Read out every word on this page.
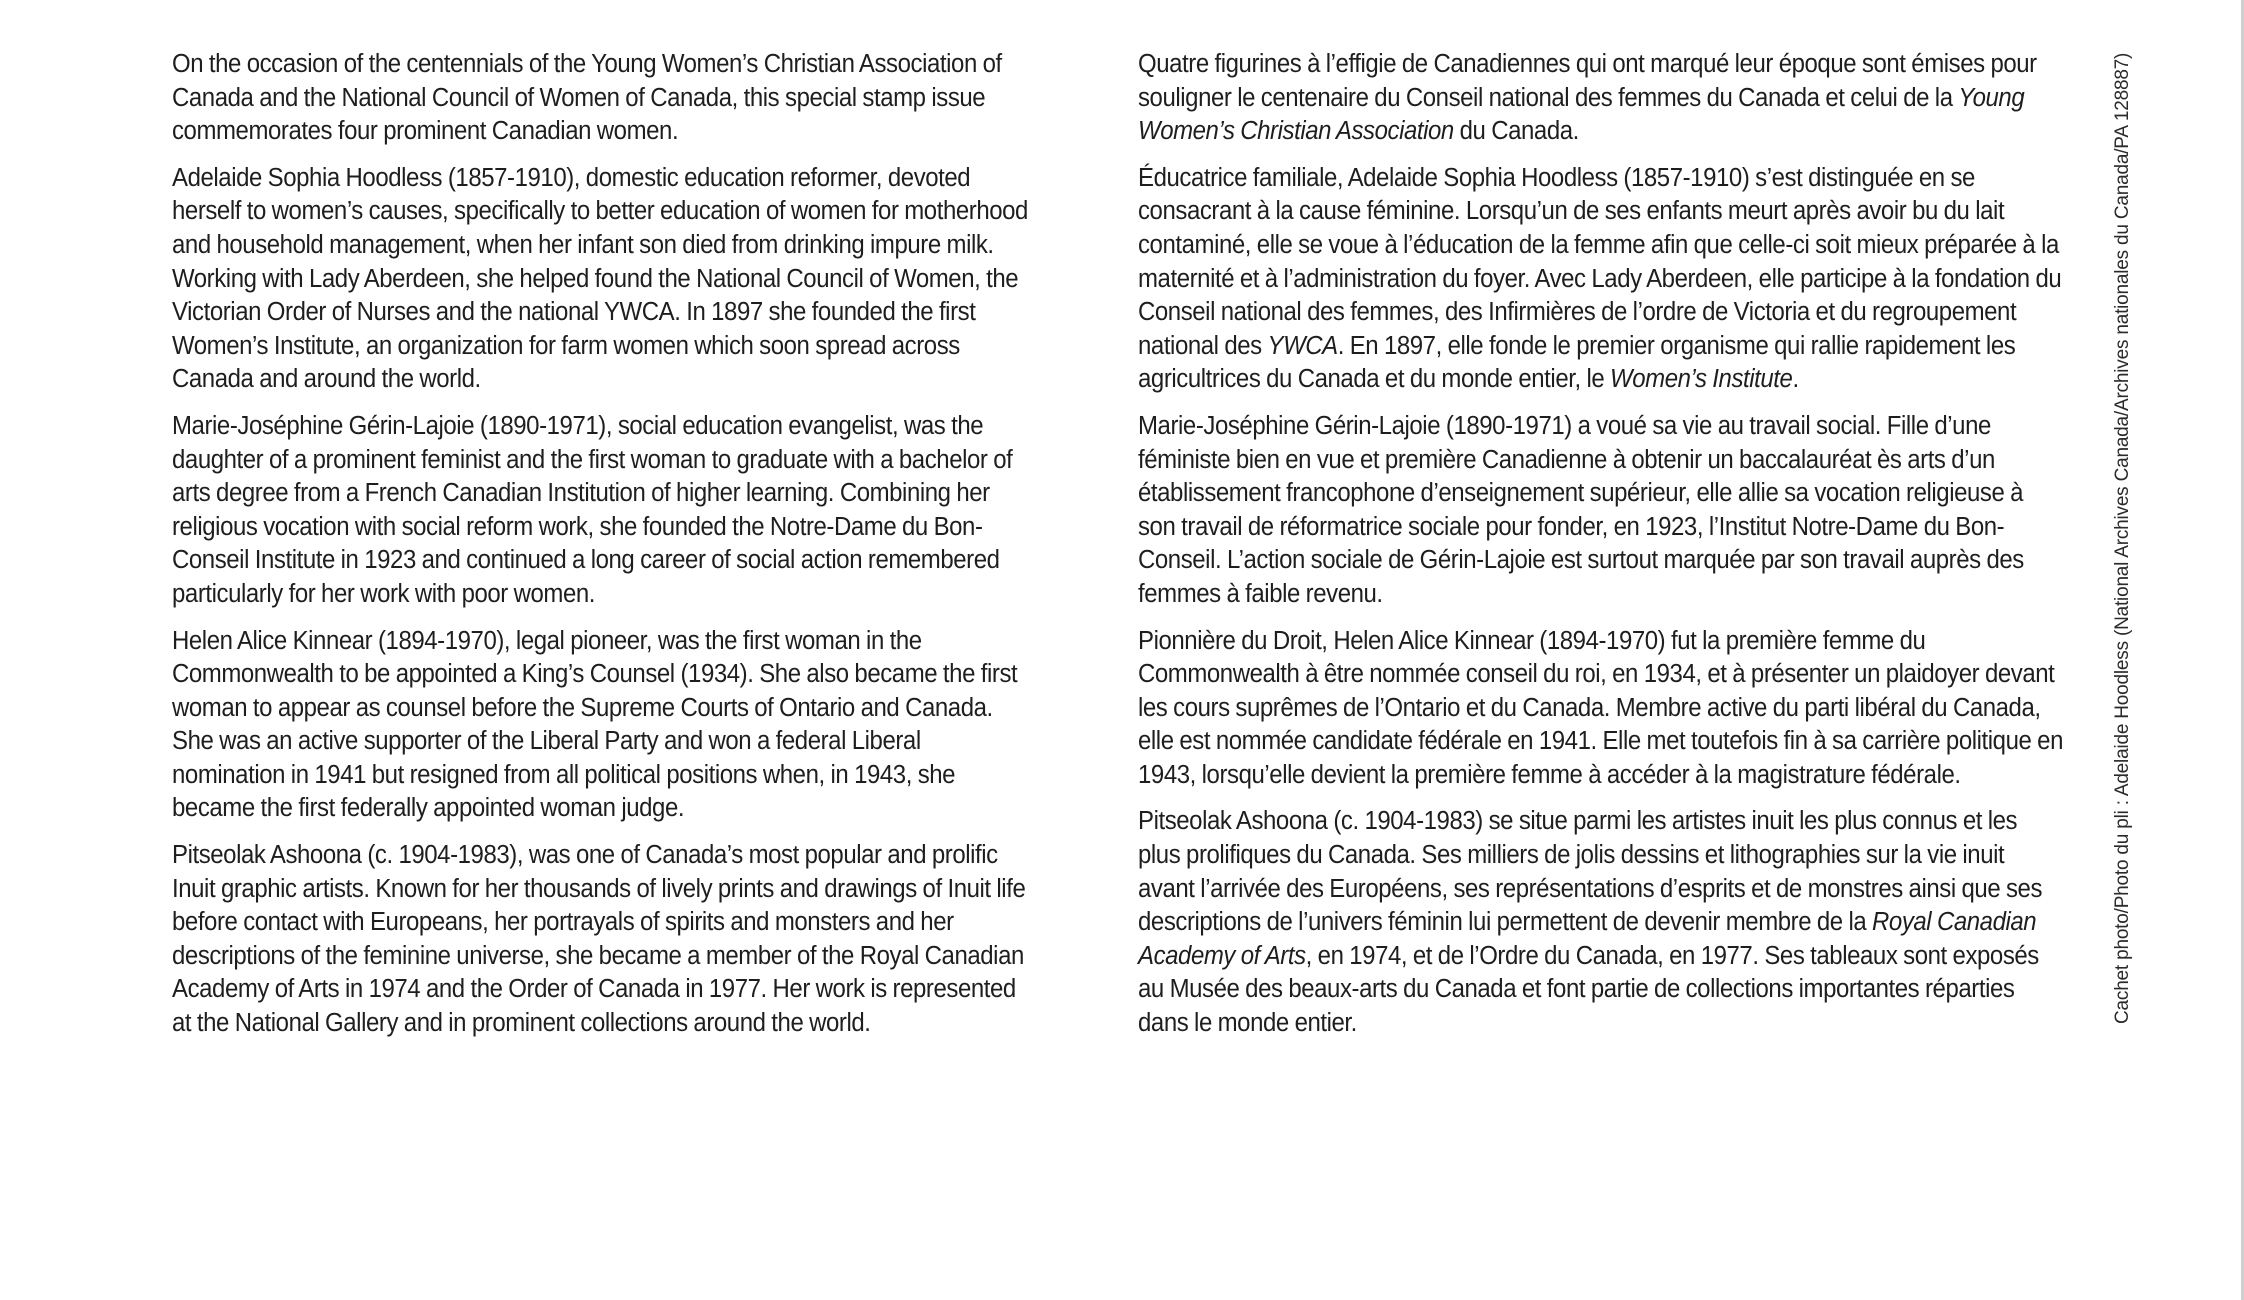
On the occasion of the centennials of the Young Women’s Christian Association of Canada and the National Council of Women of Canada, this special stamp issue commemorates four prominent Canadian women.

Adelaide Sophia Hoodless (1857-1910), domestic education reformer, devoted herself to women’s causes, specifically to better education of women for motherhood and household management, when her infant son died from drinking impure milk. Working with Lady Aberdeen, she helped found the National Council of Women, the Victorian Order of Nurses and the national YWCA. In 1897 she founded the first Women’s Institute, an organization for farm women which soon spread across Canada and around the world.

Marie-Joséphine Gérin-Lajoie (1890-1971), social education evangelist, was the daughter of a prominent feminist and the first woman to graduate with a bachelor of arts degree from a French Canadian Institution of higher learning. Combining her religious vocation with social reform work, she founded the Notre-Dame du Bon-Conseil Institute in 1923 and continued a long career of social action remembered particularly for her work with poor women.

Helen Alice Kinnear (1894-1970), legal pioneer, was the first woman in the Commonwealth to be appointed a King’s Counsel (1934). She also became the first woman to appear as counsel before the Supreme Courts of Ontario and Canada. She was an active supporter of the Liberal Party and won a federal Liberal nomination in 1941 but resigned from all political positions when, in 1943, she became the first federally appointed woman judge.

Pitseolak Ashoona (c. 1904-1983), was one of Canada’s most popular and prolific Inuit graphic artists. Known for her thousands of lively prints and drawings of Inuit life before contact with Europeans, her portrayals of spirits and monsters and her descriptions of the feminine universe, she became a member of the Royal Canadian Academy of Arts in 1974 and the Order of Canada in 1977. Her work is represented at the National Gallery and in prominent collections around the world.

Quatre figurines à l’effigie de Canadiennes qui ont marqué leur époque sont émises pour souligner le centenaire du Conseil national des femmes du Canada et celui de la Young Women’s Christian Association du Canada.

Éducatrice familiale, Adelaide Sophia Hoodless (1857-1910) s’est distinguée en se consacrant à la cause féminine. Lorsqu’un de ses enfants meurt après avoir bu du lait contaminé, elle se voue à l’éducation de la femme afin que celle-ci soit mieux préparée à la maternité et à l’administration du foyer. Avec Lady Aberdeen, elle participe à la fondation du Conseil national des femmes, des Infirmières de l’ordre de Victoria et du regroupement national des YWCA. En 1897, elle fonde le premier organisme qui rallie rapidement les agricultrices du Canada et du monde entier, le Women’s Institute.

Marie-Joséphine Gérin-Lajoie (1890-1971) a voué sa vie au travail social. Fille d’une féministe bien en vue et première Canadienne à obtenir un baccalauréat ès arts d’un établissement francophone d’enseignement supérieur, elle allie sa vocation religieuse à son travail de réformatrice sociale pour fonder, en 1923, l’Institut Notre-Dame du Bon-Conseil. L’action sociale de Gérin-Lajoie est surtout marquée par son travail auprès des femmes à faible revenu.

Pionnière du Droit, Helen Alice Kinnear (1894-1970) fut la première femme du Commonwealth à être nommée conseil du roi, en 1934, et à présenter un plaidoyer devant les cours suprêmes de l’Ontario et du Canada. Membre active du parti libéral du Canada, elle est nommée candidate fédérale en 1941. Elle met toutefois fin à sa carrière politique en 1943, lorsqu’elle devient la première femme à accéder à la magistrature fédérale.

Pitseolak Ashoona (c. 1904-1983) se situe parmi les artistes inuit les plus connus et les plus prolifiques du Canada. Ses milliers de jolis dessins et lithographies sur la vie inuit avant l’arrivée des Européens, ses représentations d’esprits et de monstres ainsi que ses descriptions de l’univers féminin lui permettent de devenir membre de la Royal Canadian Academy of Arts, en 1974, et de l’Ordre du Canada, en 1977. Ses tableaux sont exposés au Musée des beaux-arts du Canada et font partie de collections importantes réparties dans le monde entier.	Cachet photo/Photo du pli : Adelaide Hoodless (National Archives Canada/Archives nationales du Canada/PA 128887)
